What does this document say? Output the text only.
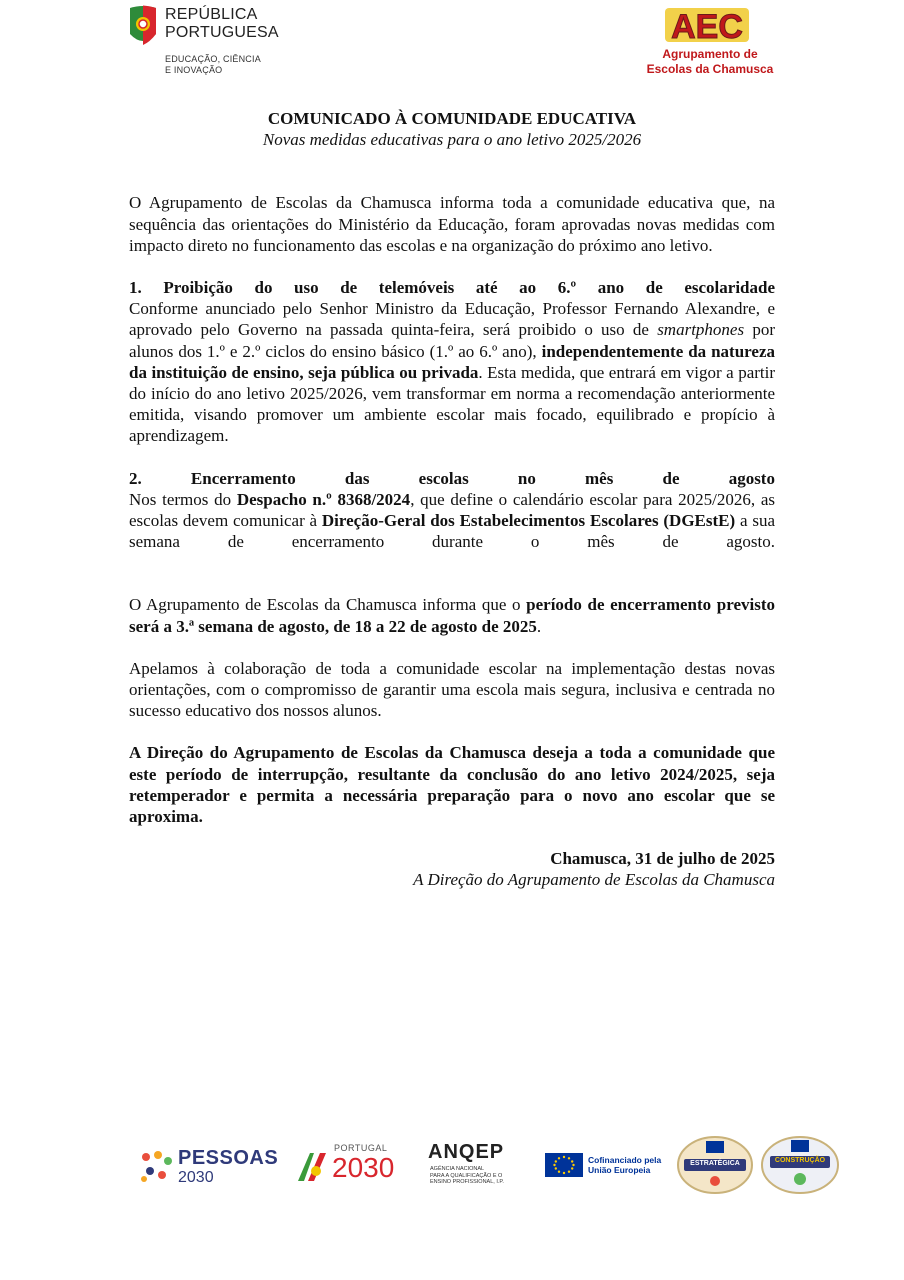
REPÚBLICA
PORTUGUESA
EDUCAÇÃO, CIÊNCIA
E INOVAÇÃO
AEC
Agrupamento de
Escolas da Chamusca
COMUNICADO À COMUNIDADE EDUCATIVA
Novas medidas educativas para o ano letivo 2025/2026

O Agrupamento de Escolas da Chamusca informa toda a comunidade educativa que, na sequência das orientações do Ministério da Educação, foram aprovadas novas medidas com impacto direto no funcionamento das escolas e na organização do próximo ano letivo.

1. Proibição do uso de telemóveis até ao 6.º ano de escolaridade

Conforme anunciado pelo Senhor Ministro da Educação, Professor Fernando Alexandre, e aprovado pelo Governo na passada quinta-feira, será proibido o uso de smartphones por alunos dos 1.º e 2.º ciclos do ensino básico (1.º ao 6.º ano), independentemente da natureza da instituição de ensino, seja pública ou privada. Esta medida, que entrará em vigor a partir do início do ano letivo 2025/2026, vem transformar em norma a recomendação anteriormente emitida, visando promover um ambiente escolar mais focado, equilibrado e propício à aprendizagem.

2.	Encerramento	das	escolas	no	mês	de	agosto

Nos termos do Despacho n.º 8368/2024, que define o calendário escolar para 2025/2026, as escolas devem comunicar à Direção-Geral dos Estabelecimentos Escolares (DGEstE) a sua semana de encerramento durante o mês de agosto.

O Agrupamento de Escolas da Chamusca informa que o período de encerramento previsto será a 3.ª semana de agosto, de 18 a 22 de agosto de 2025.

Apelamos à colaboração de toda a comunidade escolar na implementação destas novas orientações, com o compromisso de garantir uma escola mais segura, inclusiva e centrada no sucesso educativo dos nossos alunos.

A Direção do Agrupamento de Escolas da Chamusca deseja a toda a comunidade que este período de interrupção, resultante da conclusão do ano letivo 2024/2025, seja retemperador e permita a necessária preparação para o novo ano escolar que se aproxima.

Chamusca, 31 de julho de 2025
A Direção do Agrupamento de Escolas da Chamusca
PESSOAS
2030
PORTUGAL
2030 ANQEP
AGÊNCIA NACIONAL
PARA A QUALIFICAÇÃO E O
ENSINO PROFISSIONAL, I.P.
Cofinanciado pela
União Europeia
ESTRATÉGICA	CONSTRUÇÃO
